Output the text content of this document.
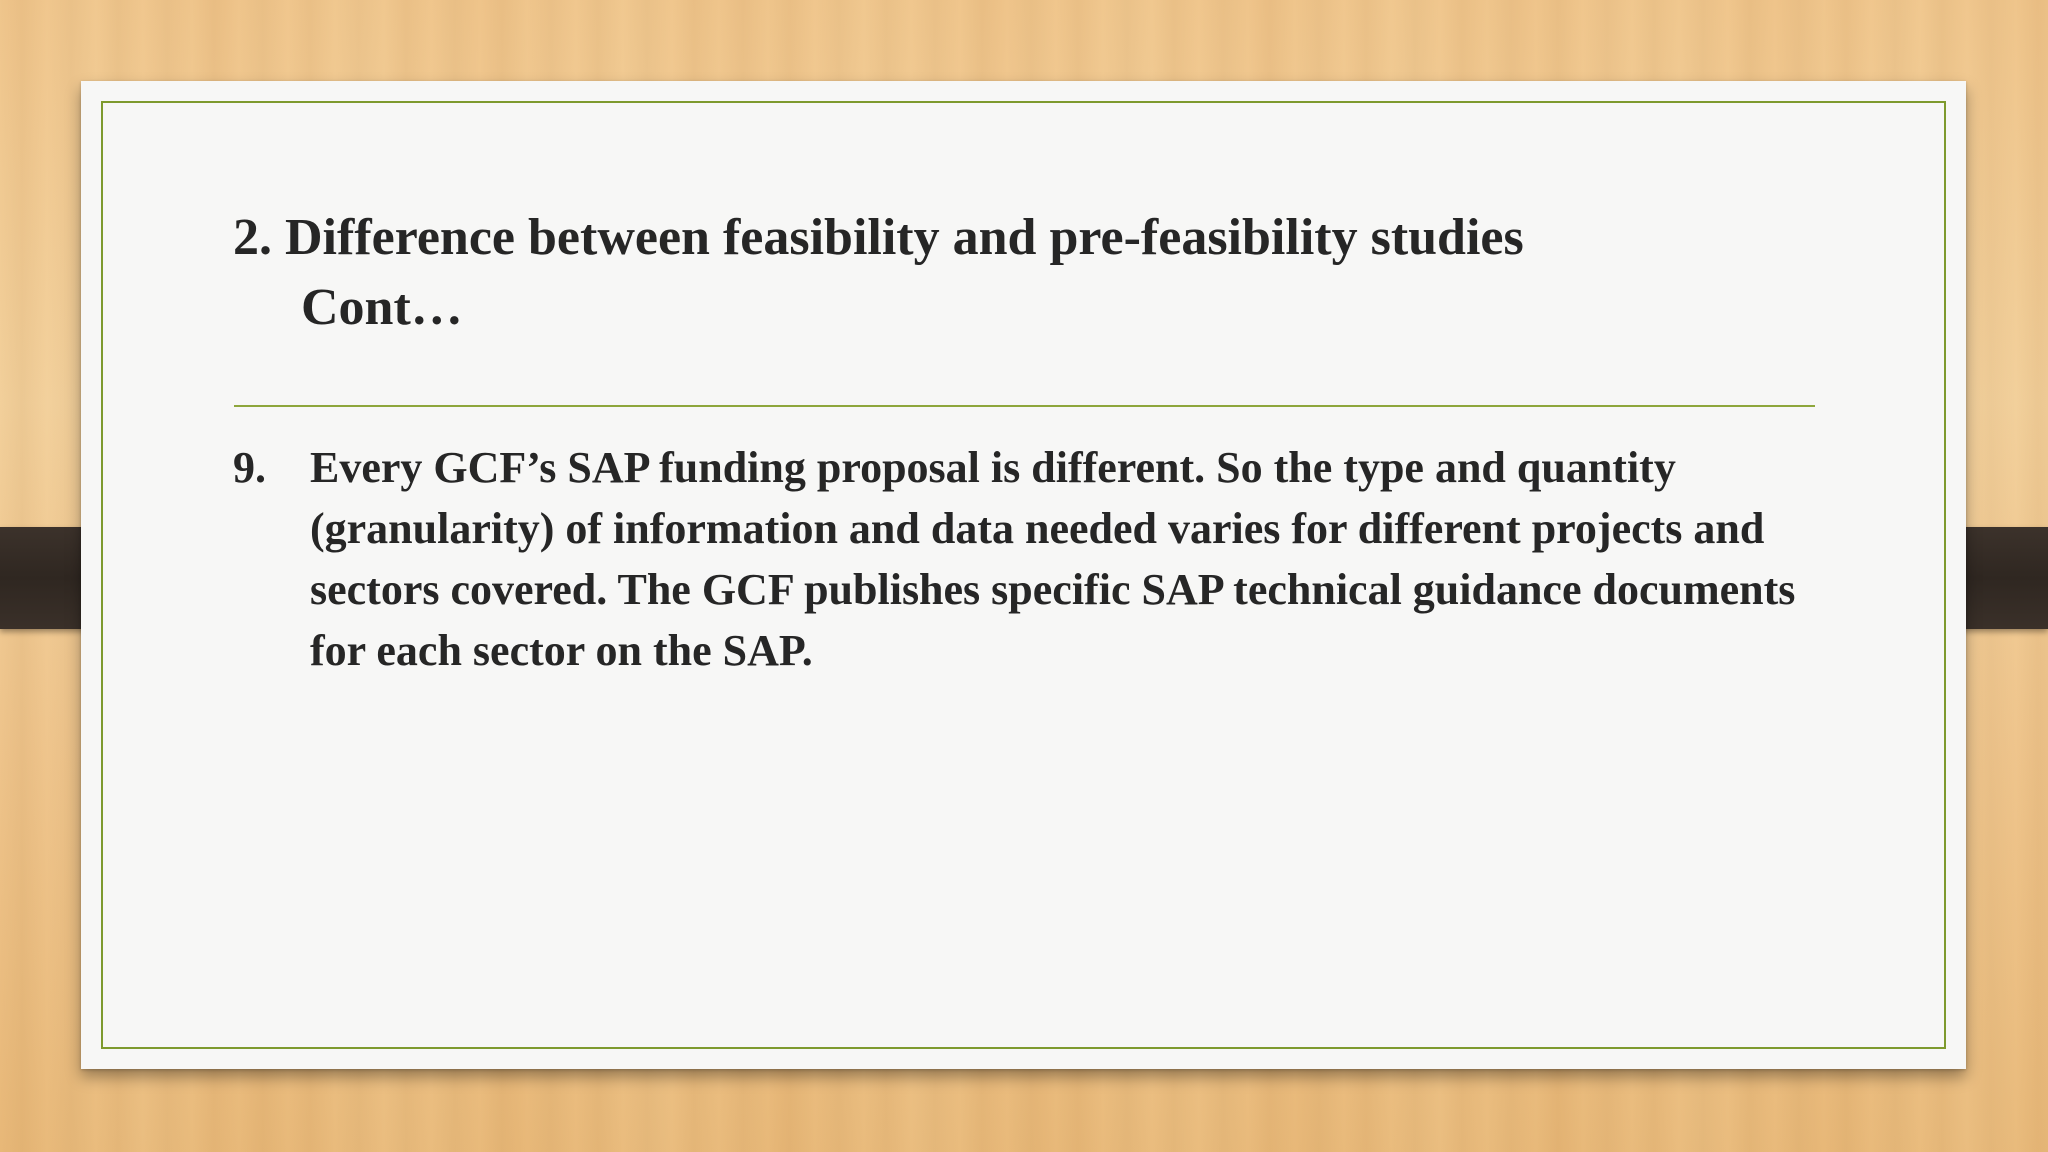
2. Difference between feasibility and pre-feasibility studies
Cont…
9. Every GCF’s SAP funding proposal is different. So the type and quantity (granularity) of information and data needed varies for different projects and sectors covered. The GCF publishes specific SAP technical guidance documents for each sector on the SAP.
